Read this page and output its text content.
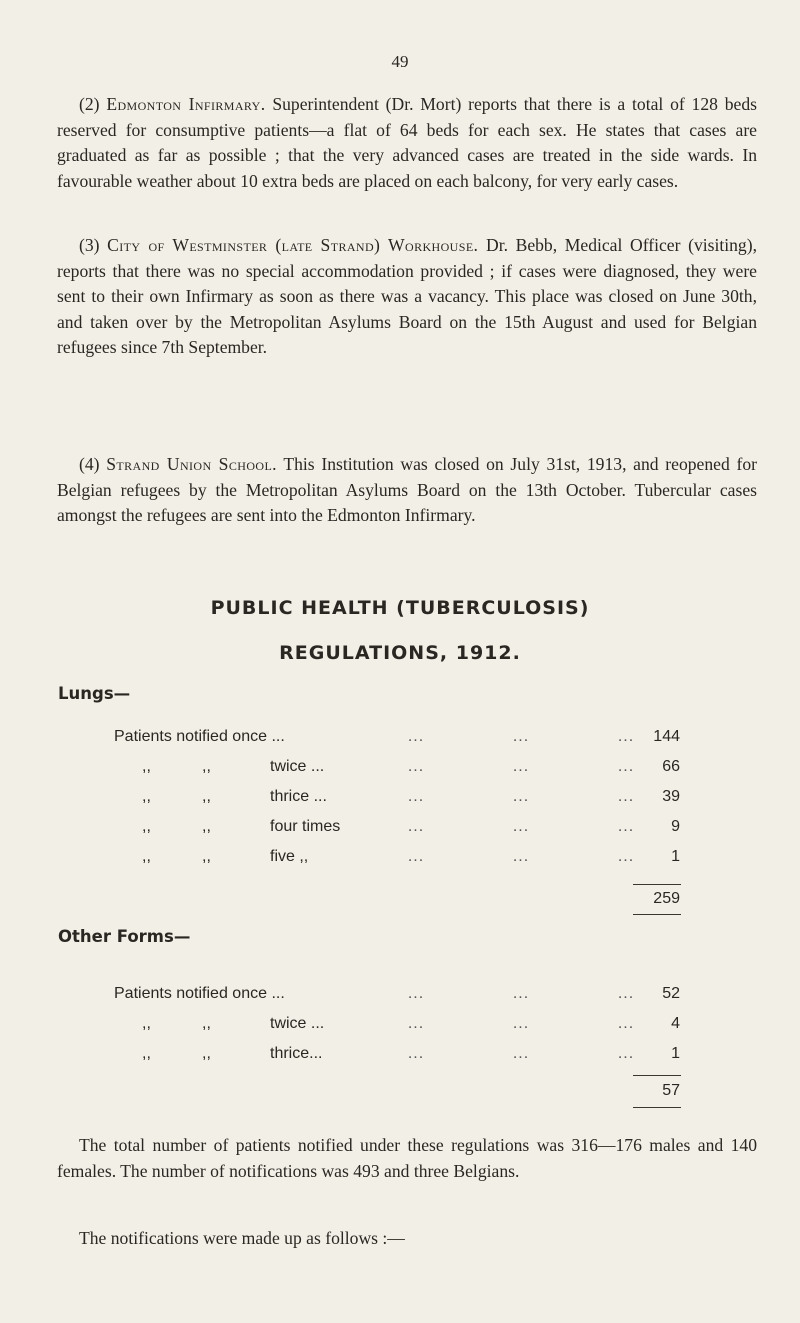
49

(2) Edmonton Infirmary. Superintendent (Dr. Mort) reports that there is a total of 128 beds reserved for consumptive patients—a flat of 64 beds for each sex. He states that cases are graduated as far as possible ; that the very advanced cases are treated in the side wards. In favourable weather about 10 extra beds are placed on each balcony, for very early cases.

(3) City of Westminster (late Strand) Workhouse. Dr. Bebb, Medical Officer (visiting), reports that there was no special accommodation provided ; if cases were diagnosed, they were sent to their own Infirmary as soon as there was a vacancy. This place was closed on June 30th, and taken over by the Metropolitan Asylums Board on the 15th August and used for Belgian refugees since 7th September.

(4) Strand Union School. This Institution was closed on July 31st, 1913, and reopened for Belgian refugees by the Metropolitan Asylums Board on the 13th October. Tubercular cases amongst the refugees are sent into the Edmonton Infirmary.

PUBLIC HEALTH (TUBERCULOSIS)
REGULATIONS, 1912.
Lungs—
Patients notified once ...	...	...	...	144
,,	,,	twice ...	...	...	...	66
,,	,,	thrice ...	...	...	...	39
,,	,,	four times	...	...	...	9
,,	,,	five ,,	...	...	...	1
259
Other Forms—
Patients notified once ...	...	...	...	52
,,	,,	twice ...	...	...	...	4
,,	,,	thrice...	...	...	...	1
57

The total number of patients notified under these regulations was 316—176 males and 140 females. The number of notifications was 493 and three Belgians.

The notifications were made up as follows :—
